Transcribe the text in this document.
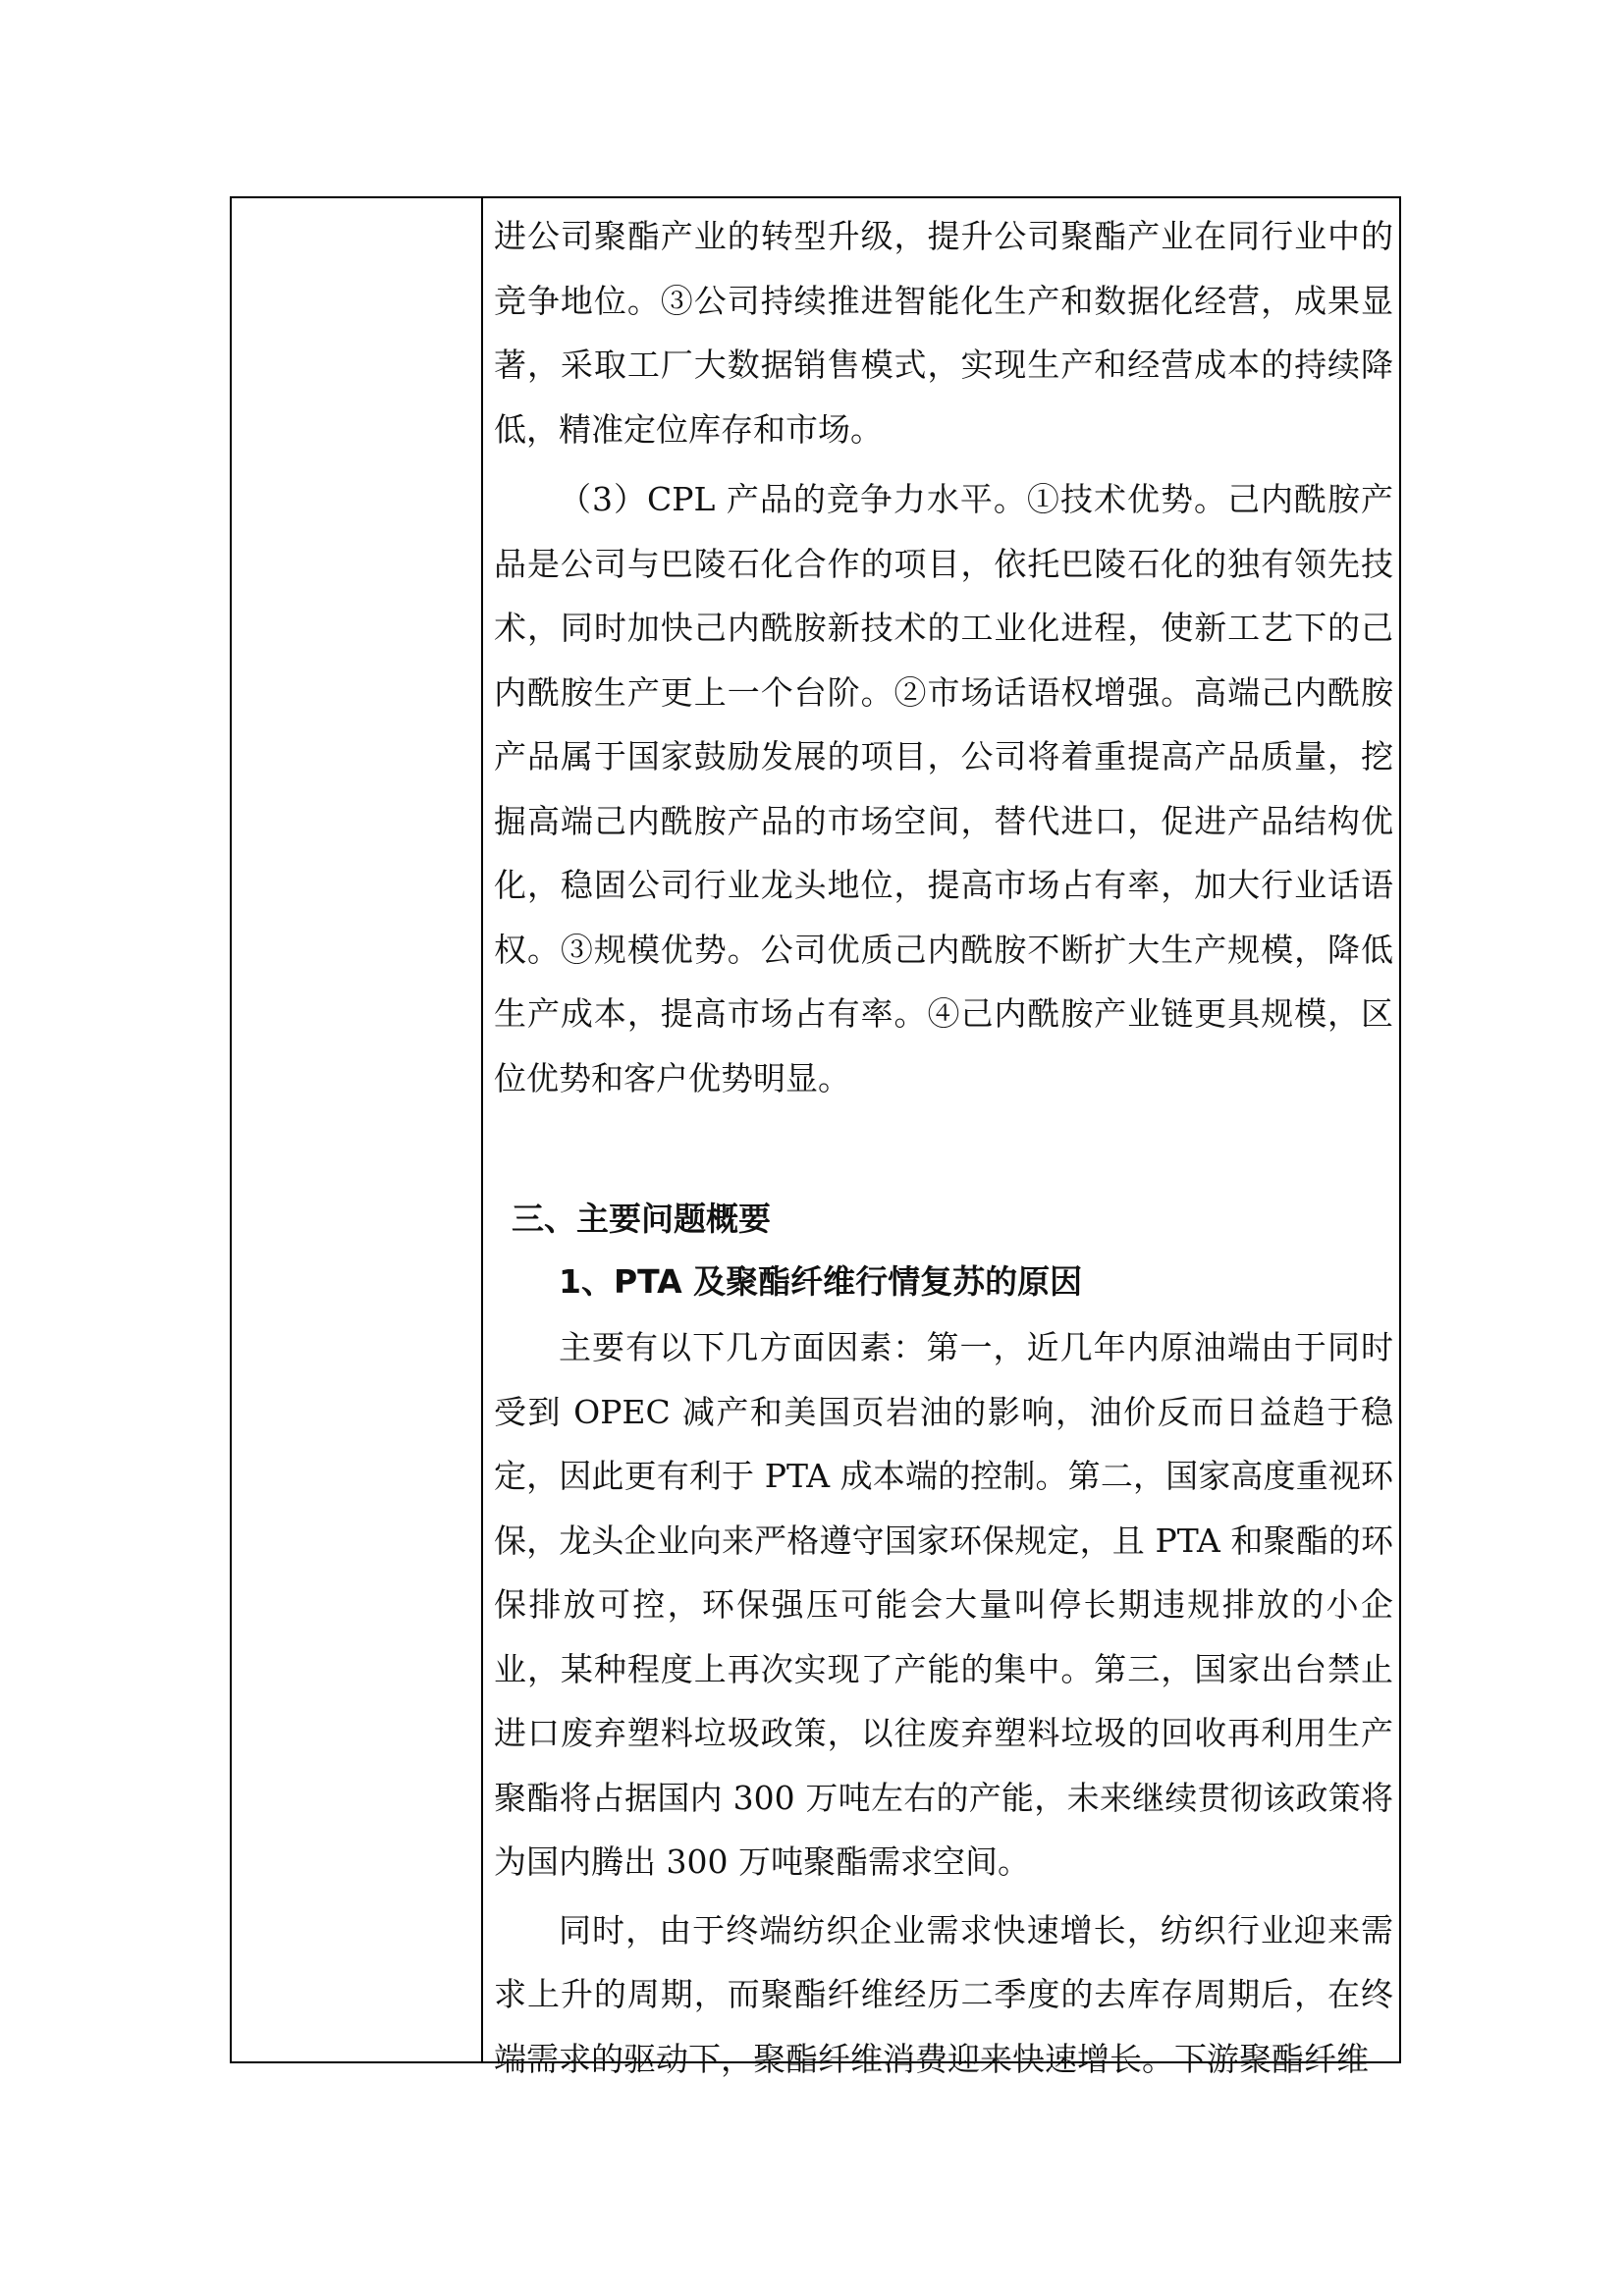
进公司聚酯产业的转型升级，提升公司聚酯产业在同行业中的竞争地位。③公司持续推进智能化生产和数据化经营，成果显著，采取工厂大数据销售模式，实现生产和经营成本的持续降低，精准定位库存和市场。

（3）CPL 产品的竞争力水平。①技术优势。己内酰胺产品是公司与巴陵石化合作的项目，依托巴陵石化的独有领先技术，同时加快己内酰胺新技术的工业化进程，使新工艺下的己内酰胺生产更上一个台阶。②市场话语权增强。高端己内酰胺产品属于国家鼓励发展的项目，公司将着重提高产品质量，挖掘高端己内酰胺产品的市场空间，替代进口，促进产品结构优化，稳固公司行业龙头地位，提高市场占有率，加大行业话语权。③规模优势。公司优质己内酰胺不断扩大生产规模，降低生产成本，提高市场占有率。④己内酰胺产业链更具规模，区位优势和客户优势明显。

三、主要问题概要
1、PTA 及聚酯纤维行情复苏的原因

主要有以下几方面因素：第一，近几年内原油端由于同时受到 OPEC 减产和美国页岩油的影响，油价反而日益趋于稳定，因此更有利于 PTA 成本端的控制。第二，国家高度重视环保，龙头企业向来严格遵守国家环保规定，且 PTA 和聚酯的环保排放可控，环保强压可能会大量叫停长期违规排放的小企业，某种程度上再次实现了产能的集中。第三，国家出台禁止进口废弃塑料垃圾政策，以往废弃塑料垃圾的回收再利用生产聚酯将占据国内 300 万吨左右的产能，未来继续贯彻该政策将为国内腾出 300 万吨聚酯需求空间。

同时，由于终端纺织企业需求快速增长，纺织行业迎来需求上升的周期，而聚酯纤维经历二季度的去库存周期后，在终端需求的驱动下，聚酯纤维消费迎来快速增长。下游聚酯纤维
